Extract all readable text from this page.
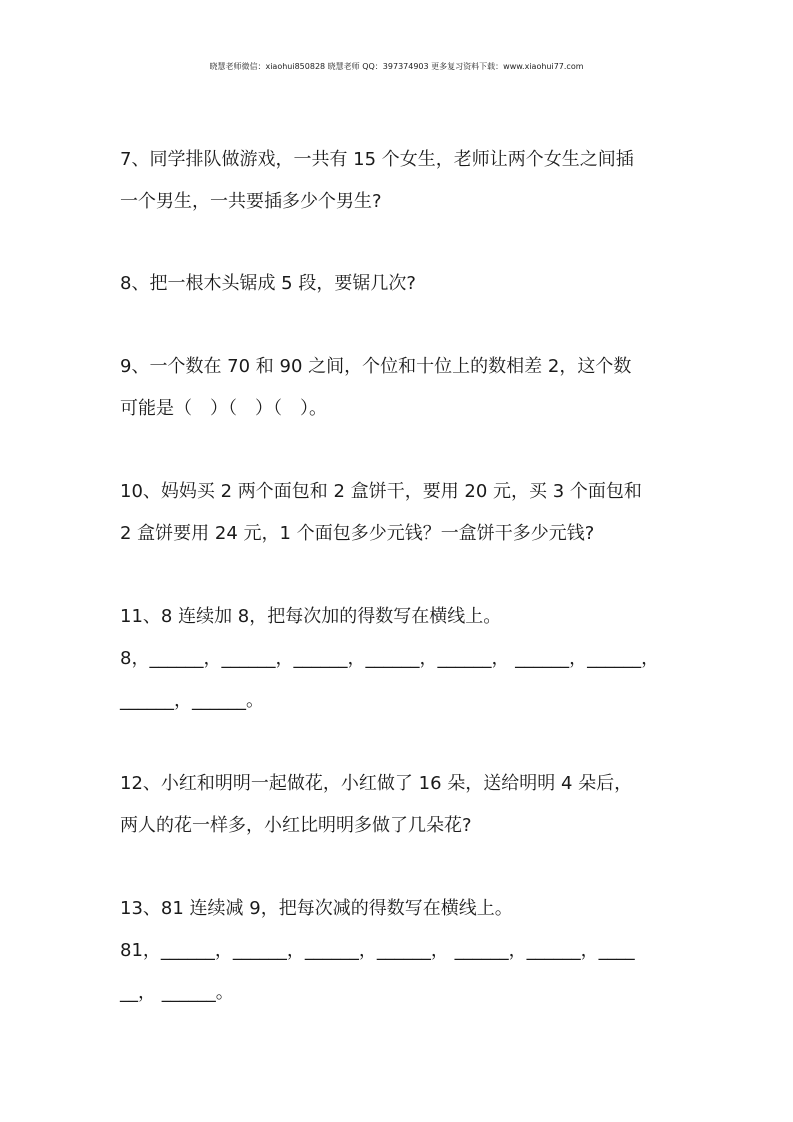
晓慧老师微信：xiaohui850828 晓慧老师 QQ：397374903 更多复习资料下载：www.xiaohui77.com
7、同学排队做游戏，一共有 15 个女生，老师让两个女生之间插
一个男生，一共要插多少个男生?
8、把一根木头锯成 5 段，要锯几次?
9、一个数在 70 和 90 之间，个位和十位上的数相差 2，这个数
可能是（　）（　）（　）。
10、妈妈买 2 两个面包和 2 盒饼干，要用 20 元，买 3 个面包和
2 盒饼要用 24 元，1 个面包多少元钱？一盒饼干多少元钱?
11、8 连续加 8，把每次加的得数写在横线上。
8，______，______，______，______，______， ______，______，
______，______。
12、小红和明明一起做花，小红做了 16 朵，送给明明 4 朵后，
两人的花一样多，小红比明明多做了几朵花?
13、81 连续减 9，把每次减的得数写在横线上。
81，______，______，______，______， ______，______，____
__， ______。
